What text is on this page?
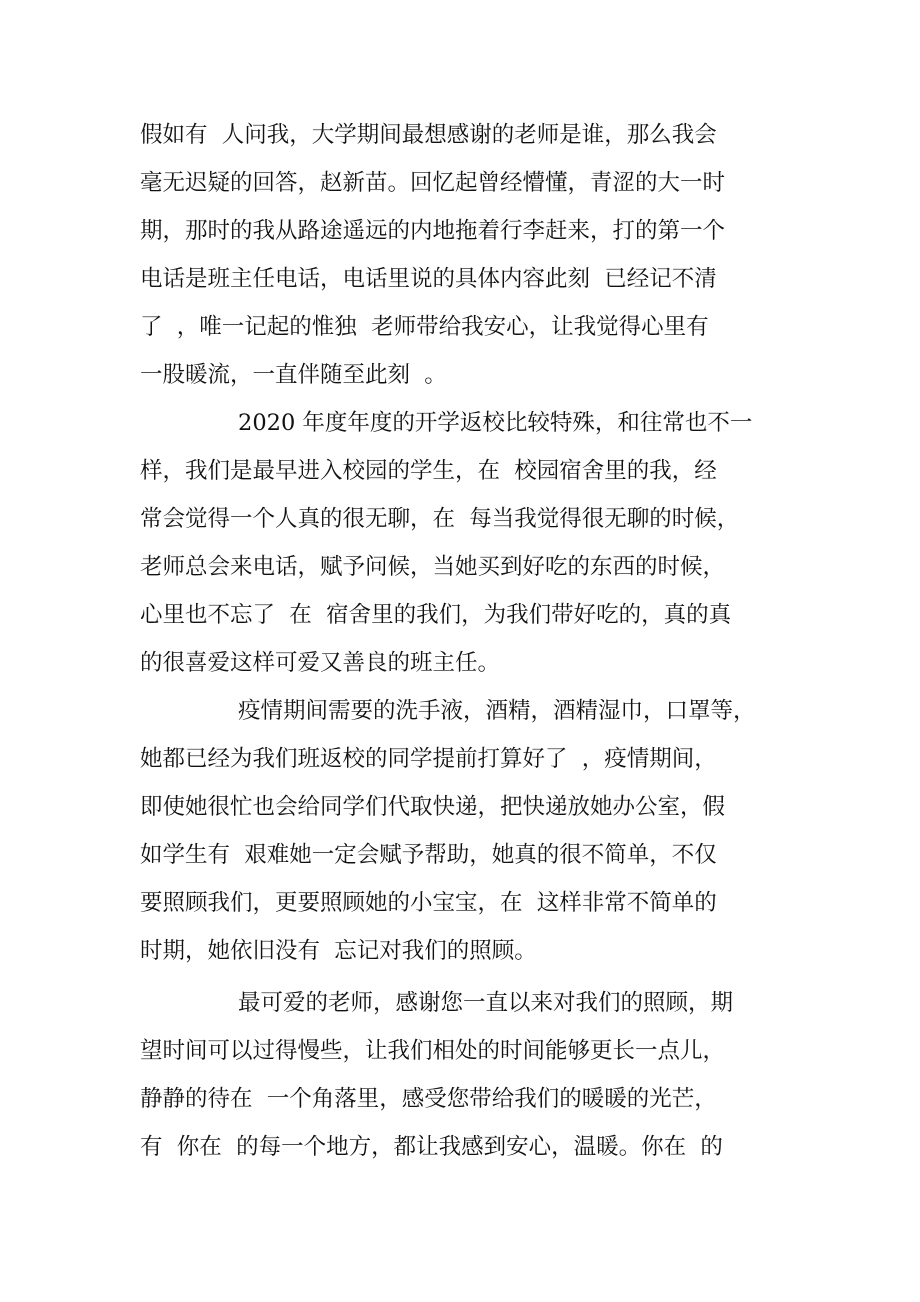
假如有  人问我，大学期间最想感谢的老师是谁，那么我会
毫无迟疑的回答，赵新苗。回忆起曾经懵懂，青涩的大一时
期，那时的我从路途遥远的内地拖着行李赶来，打的第一个
电话是班主任电话，电话里说的具体内容此刻  已经记不清
了  ，唯一记起的惟独  老师带给我安心，让我觉得心里有
一股暖流，一直伴随至此刻  。
2020 年度年度的开学返校比较特殊，和往常也不一
样，我们是最早进入校园的学生，在  校园宿舍里的我，经
常会觉得一个人真的很无聊，在  每当我觉得很无聊的时候，
老师总会来电话，赋予问候，当她买到好吃的东西的时候，
心里也不忘了  在  宿舍里的我们，为我们带好吃的，真的真
的很喜爱这样可爱又善良的班主任。
疫情期间需要的洗手液，酒精，酒精湿巾，口罩等，
她都已经为我们班返校的同学提前打算好了  ，疫情期间，
即使她很忙也会给同学们代取快递，把快递放她办公室，假
如学生有  艰难她一定会赋予帮助，她真的很不简单，不仅
要照顾我们，更要照顾她的小宝宝，在  这样非常不简单的
时期，她依旧没有  忘记对我们的照顾。
最可爱的老师，感谢您一直以来对我们的照顾，期
望时间可以过得慢些，让我们相处的时间能够更长一点儿，
静静的待在  一个角落里，感受您带给我们的暖暖的光芒，
有  你在  的每一个地方，都让我感到安心，温暖。你在  的
